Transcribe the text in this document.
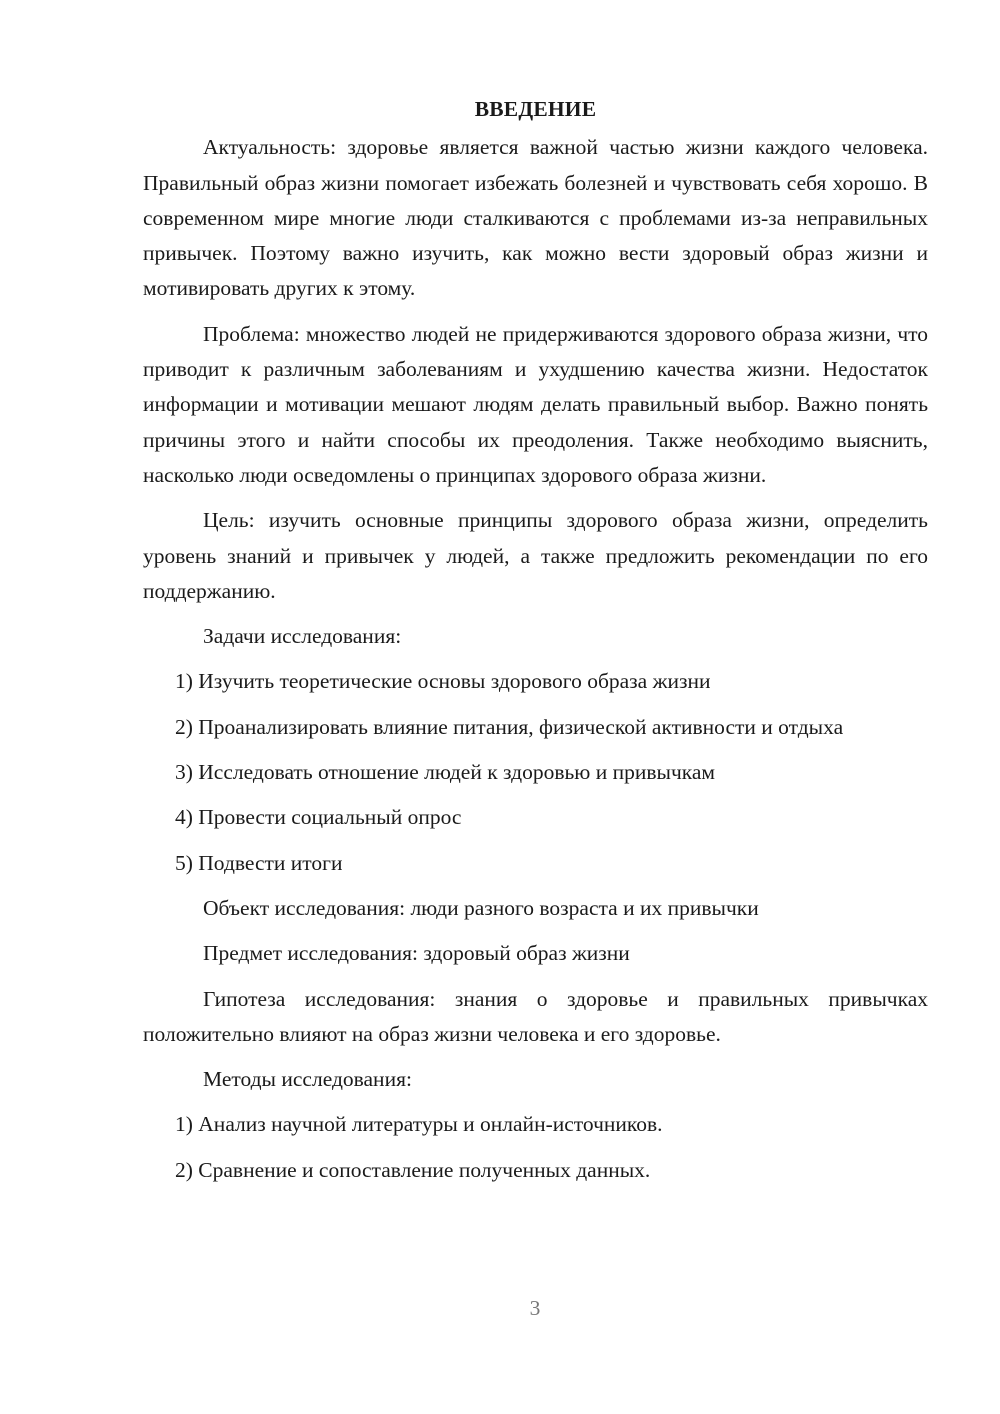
ВВЕДЕНИЕ

Актуальность: здоровье является важной частью жизни каждого человека. Правильный образ жизни помогает избежать болезней и чувствовать себя хорошо. В современном мире многие люди сталкиваются с проблемами из-за неправильных привычек. Поэтому важно изучить, как можно вести здоровый образ жизни и мотивировать других к этому.

Проблема: множество людей не придерживаются здорового образа жизни, что приводит к различным заболеваниям и ухудшению качества жизни. Недостаток информации и мотивации мешают людям делать правильный выбор. Важно понять причины этого и найти способы их преодоления. Также необходимо выяснить, насколько люди осведомлены о принципах здорового образа жизни.

Цель: изучить основные принципы здорового образа жизни, определить уровень знаний и привычек у людей, а также предложить рекомендации по его поддержанию.

Задачи исследования:

1) Изучить теоретические основы здорового образа жизни

2) Проанализировать влияние питания, физической активности и отдыха

3) Исследовать отношение людей к здоровью и привычкам

4) Провести социальный опрос

5) Подвести итоги

Объект исследования: люди разного возраста и их привычки

Предмет исследования: здоровый образ жизни

Гипотеза исследования: знания о здоровье и правильных привычках положительно влияют на образ жизни человека и его здоровье.

Методы исследования:

1) Анализ научной литературы и онлайн-источников.

2) Сравнение и сопоставление полученных данных.

3
